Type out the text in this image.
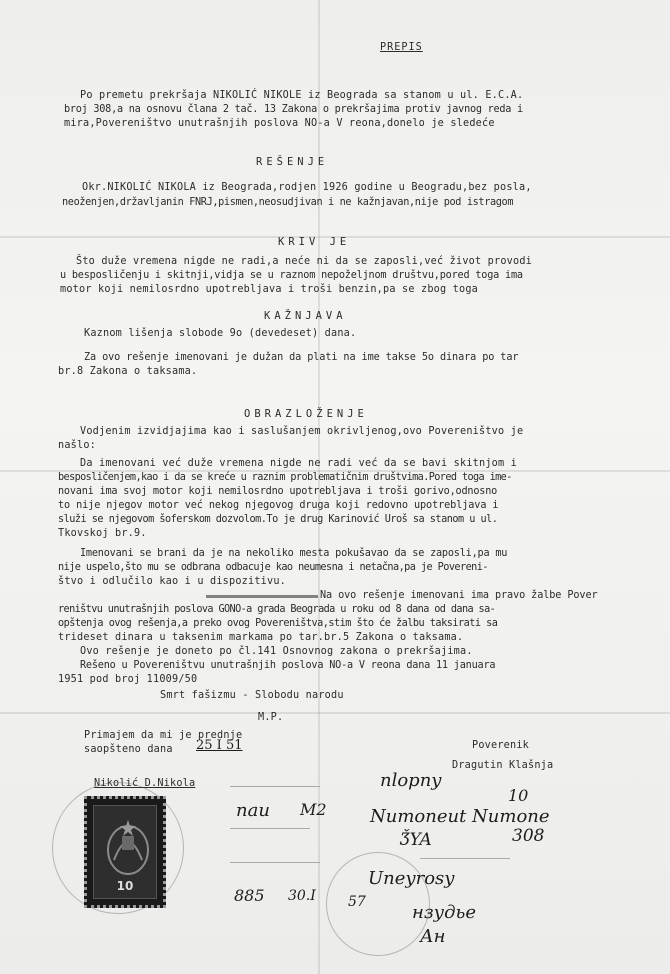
PREPIS
Po premetu prekršaja NIKOLIĆ NIKOLE iz Beograda sa stanom u ul. E.C.A.
broj 308,a na osnovu člana 2 tač. 13 Zakona o prekršajima protiv javnog reda i
mira,Povereništvo unutrašnjih poslova NO-a V reona,donelo je sledeće
REŠENJE
Okr.NIKOLIĆ NIKOLA iz Beograda,rodjen 1926 godine u Beogradu,bez posla,
neoženjen,državljanin FNRJ,pismen,neosudjivan i ne kažnjavan,nije pod istragom
KRIV JE
Što duže vremena nigde ne radi,a neće ni da se zaposli,već život provodi
u besposličenju i skitnji,vidja se u raznom nepoželjnom društvu,pored toga ima
motor koji nemilosrdno upotrebljava i troši benzin,pa se zbog toga
KAŽNJAVA
Kaznom lišenja slobode 9o (devedeset) dana.
Za ovo rešenje imenovani je dužan da plati na ime takse 5o dinara po tar
br.8 Zakona o taksama.
OBRAZLOŽENJE
Vodjenim izvidjajima kao i saslušanjem okrivljenog,ovo Povereništvo je
našlo:
Da imenovani već duže vremena nigde ne radi već da se bavi skitnjom i
besposličenjem,kao i da se kreće u raznim problematičnim društvima.Pored toga ime-
novani ima svoj motor koji nemilosrdno upotrebljava i troši gorivo,odnosno
to nije njegov motor već nekog njegovog druga koji redovno upotrebljava i
služi se njegovom šoferskom dozvolom.To je drug Karinović Uroš sa stanom u ul.
Tkovskoj br.9.
Imenovani se brani da je na nekoliko mesta pokušavao da se zaposli,pa mu
nije uspelo,što mu se odbrana odbacuje kao neumesna i netačna,pa je Povereni-
štvo i odlučilo kao i u dispozitivu.
Na ovo rešenje imenovani ima pravo žalbe Pover
reništvu unutrašnjih poslova GONO-a grada Beograda u roku od 8 dana od dana sa-
opštenja ovog rešenja,a preko ovog Povereništva,stim što će žalbu taksirati sa
trideset dinara u taksenim markama po tar.br.5 Zakona o taksama.
Ovo rešenje je doneto po čl.141 Osnovnog zakona o prekršajima.
Rešeno u Povereništvu unutrašnjih poslova NO-a V reona dana 11 januara
1951 pod broj 11009/50
Smrt fašizmu - Slobodu narodu
M.P.
Primajem da mi je prednje
saopšteno dana 25 I 51	Poverenik
Dragutin Klašnja
Nikolić D.Nikola
10
nlopny
nau M2
10
Numoneut Numone
ǮYA	308
Uneyrosy
885 30.I 57	нзудье
Ан
